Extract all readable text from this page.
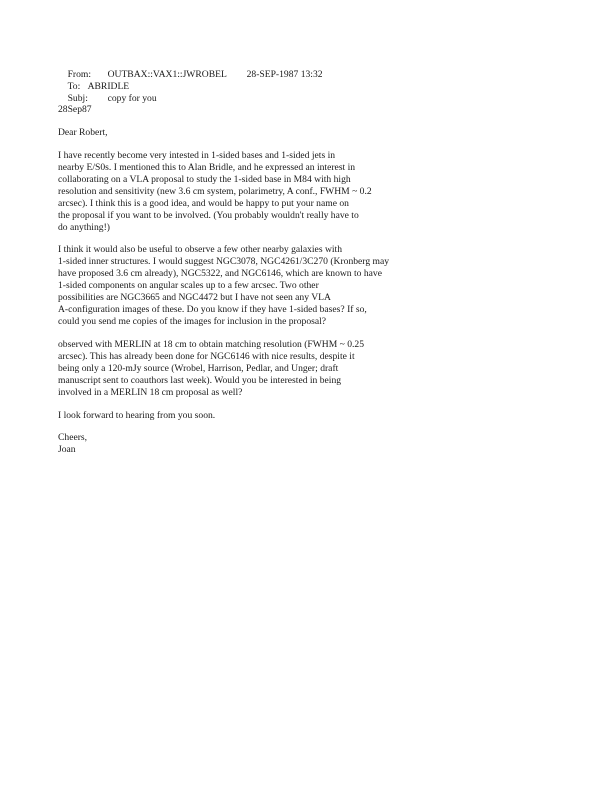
From: OUTBAX::VAX1::JWROBEL 28-SEP-1987 13:32

To: ABRIDLE

Subj: copy for you

28Sep87
Dear Robert,
I have recently become very intested in 1-sided bases and 1-sided jets in
nearby E/S0s. I mentioned this to Alan Bridle, and he expressed an interest in
collaborating on a VLA proposal to study the 1-sided base in M84 with high
resolution and sensitivity (new 3.6 cm system, polarimetry, A conf., FWHM ~ 0.2
arcsec). I think this is a good idea, and would be happy to put your name on
the proposal if you want to be involved. (You probably wouldn't really have to
do anything!)
I think it would also be useful to observe a few other nearby galaxies with
1-sided inner structures. I would suggest NGC3078, NGC4261/3C270 (Kronberg may
have proposed 3.6 cm already), NGC5322, and NGC6146, which are known to have
1-sided components on angular scales up to a few arcsec. Two other
possibilities are NGC3665 and NGC4472 but I have not seen any VLA
A-configuration images of these. Do you know if they have 1-sided bases? If so,
could you send me copies of the images for inclusion in the proposal?
observed with MERLIN at 18 cm to obtain matching resolution (FWHM ~ 0.25
arcsec). This has already been done for NGC6146 with nice results, despite it
being only a 120-mJy source (Wrobel, Harrison, Pedlar, and Unger; draft
manuscript sent to coauthors last week). Would you be interested in being
involved in a MERLIN 18 cm proposal as well?
I look forward to hearing from you soon.
Cheers,
Joan
